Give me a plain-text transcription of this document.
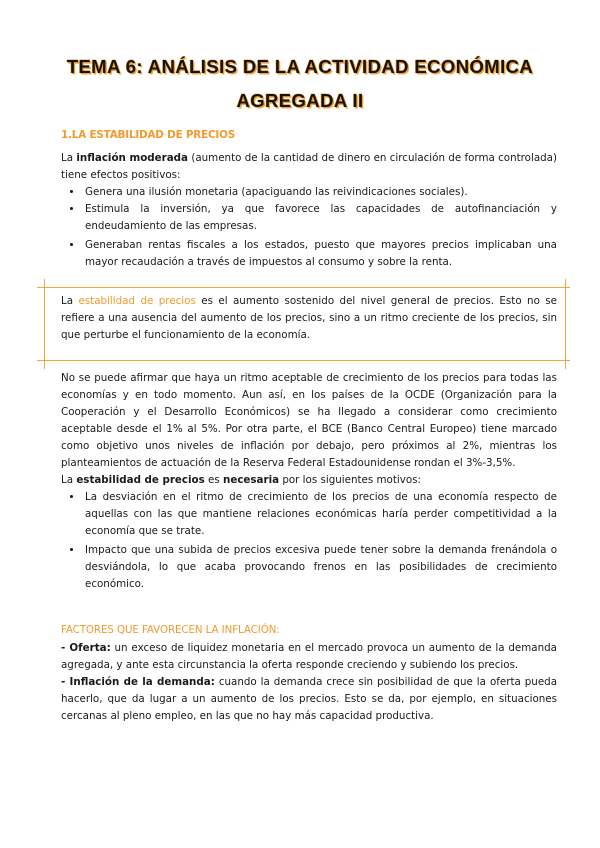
TEMA 6: ANÁLISIS DE LA ACTIVIDAD ECONÓMICA
AGREGADA II
1.LA ESTABILIDAD DE PRECIOS

La inflación moderada (aumento de la cantidad de dinero en circulación de forma controlada) tiene efectos positivos:

• Genera una ilusión monetaria (apaciguando las reivindicaciones sociales).
• Estimula la inversión, ya que favorece las capacidades de autofinanciación y endeudamiento de las empresas.
• Generaban rentas fiscales a los estados, puesto que mayores precios implicaban una mayor recaudación a través de impuestos al consumo y sobre la renta.

La estabilidad de precios es el aumento sostenido del nivel general de precios. Esto no se refiere a una ausencia del aumento de los precios, sino a un ritmo creciente de los precios, sin que perturbe el funcionamiento de la economía.

No se puede afirmar que haya un ritmo aceptable de crecimiento de los precios para todas las economías y en todo momento. Aun así, en los países de la OCDE (Organización para la Cooperación y el Desarrollo Económicos) se ha llegado a considerar como crecimiento aceptable desde el 1% al 5%. Por otra parte, el BCE (Banco Central Europeo) tiene marcado como objetivo unos niveles de inflación por debajo, pero próximos al 2%, mientras los planteamientos de actuación de la Reserva Federal Estadounidense rondan el 3%-3,5%.

La estabilidad de precios es necesaria por los siguientes motivos:

• La desviación en el ritmo de crecimiento de los precios de una economía respecto de aquellas con las que mantiene relaciones económicas haría perder competitividad a la economía que se trate.
• Impacto que una subida de precios excesiva puede tener sobre la demanda frenándola o desviándola, lo que acaba provocando frenos en las posibilidades de crecimiento económico.
FACTORES QUE FAVORECEN LA INFLACIÓN:

- Oferta: un exceso de liquidez monetaria en el mercado provoca un aumento de la demanda agregada, y ante esta circunstancia la oferta responde creciendo y subiendo los precios.

- Inflación de la demanda: cuando la demanda crece sin posibilidad de que la oferta pueda hacerlo, que da lugar a un aumento de los precios. Esto se da, por ejemplo, en situaciones cercanas al pleno empleo, en las que no hay más capacidad productiva.
